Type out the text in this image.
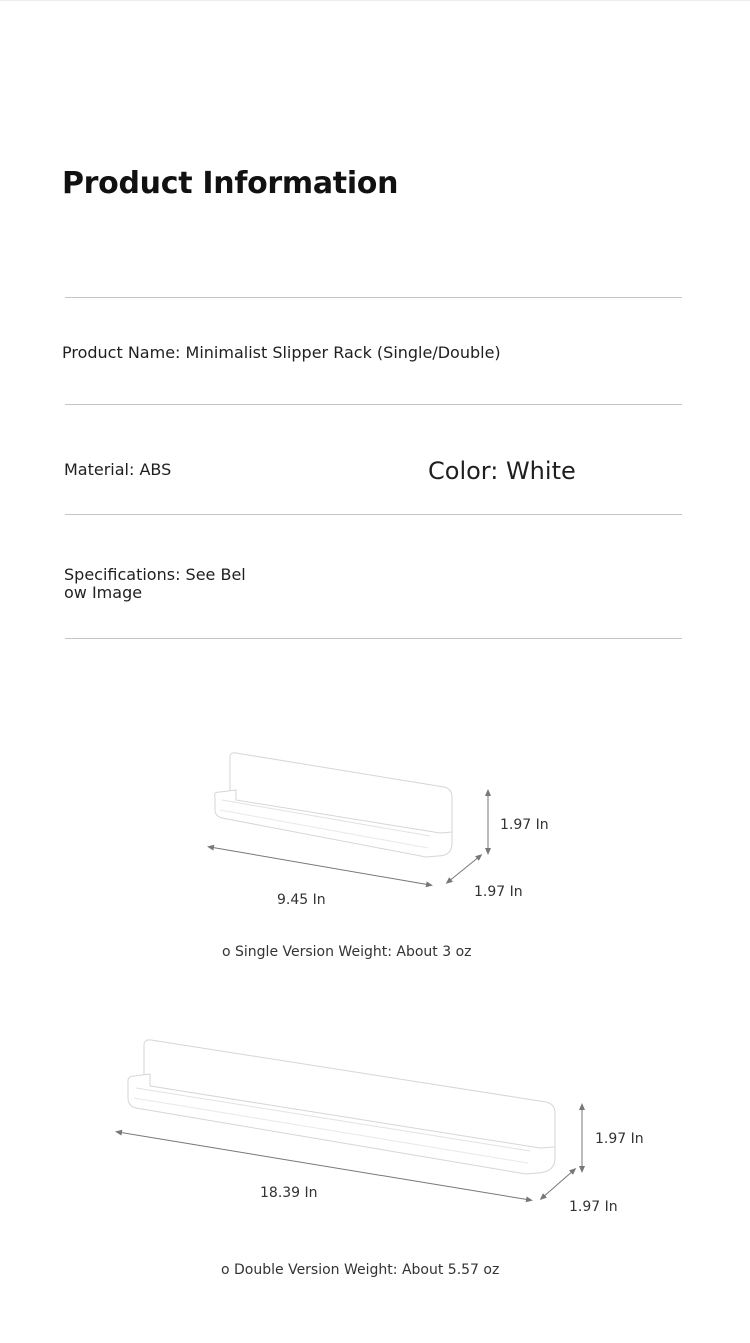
Product Information
Product Name: Minimalist Slipper Rack (Single/Double)
Material: ABS	Color: White
Specifications: See Below Image
1.97 In
1.97 In
9.45 In
o Single Version Weight: About 3 oz
1.97 In
1.97 In
18.39 In
o Double Version Weight: About 5.57 oz
